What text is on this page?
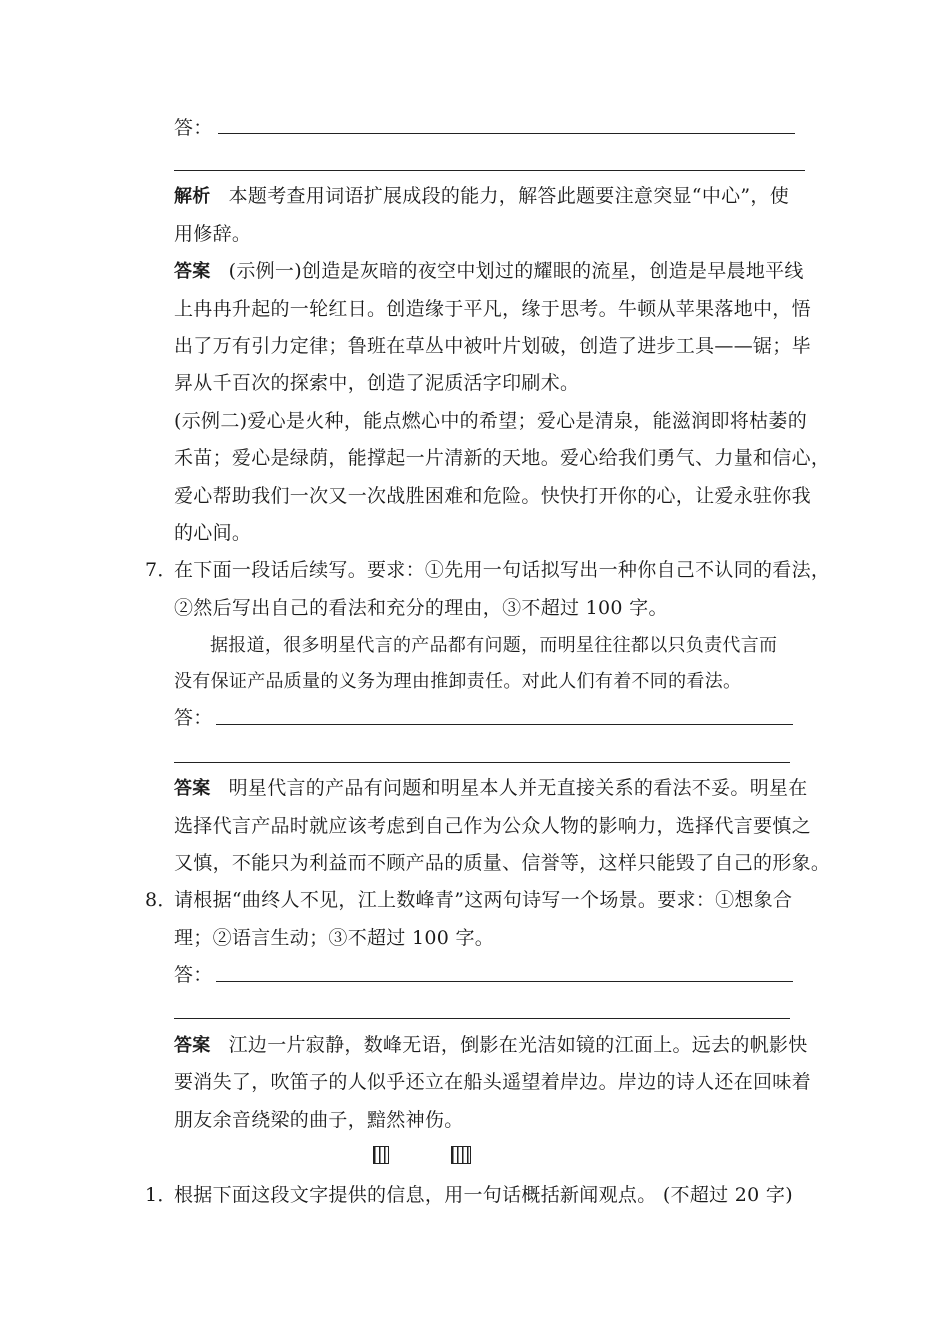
答：
解析 本题考查用词语扩展成段的能力，解答此题要注意突显“中心”，使
用修辞。
答案 (示例一)创造是灰暗的夜空中划过的耀眼的流星，创造是早晨地平线
上冉冉升起的一轮红日。创造缘于平凡，缘于思考。牛顿从苹果落地中，悟
出了万有引力定律；鲁班在草丛中被叶片划破，创造了进步工具——锯；毕
昇从千百次的探索中，创造了泥质活字印刷术。
(示例二)爱心是火种，能点燃心中的希望；爱心是清泉，能滋润即将枯萎的
禾苗；爱心是绿荫，能撑起一片清新的天地。爱心给我们勇气、力量和信心，
爱心帮助我们一次又一次战胜困难和危险。快快打开你的心，让爱永驻你我
的心间。
7．在下面一段话后续写。要求：①先用一句话拟写出一种你自己不认同的看法，
②然后写出自己的看法和充分的理由，③不超过 100 字。
据报道，很多明星代言的产品都有问题，而明星往往都以只负责代言而
没有保证产品质量的义务为理由推卸责任。对此人们有着不同的看法。
答：
答案 明星代言的产品有问题和明星本人并无直接关系的看法不妥。明星在
选择代言产品时就应该考虑到自己作为公众人物的影响力，选择代言要慎之
又慎，不能只为利益而不顾产品的质量、信誉等，这样只能毁了自己的形象。
8．请根据“曲终人不见，江上数峰青”这两句诗写一个场景。要求：①想象合
理；②语言生动；③不超过 100 字。
答：
答案 江边一片寂静，数峰无语，倒影在光洁如镜的江面上。远去的帆影快
要消失了，吹笛子的人似乎还立在船头遥望着岸边。岸边的诗人还在回味着
朋友余音绕梁的曲子，黯然神伤。
1．根据下面这段文字提供的信息，用一句话概括新闻观点。 (不超过 20 字)
